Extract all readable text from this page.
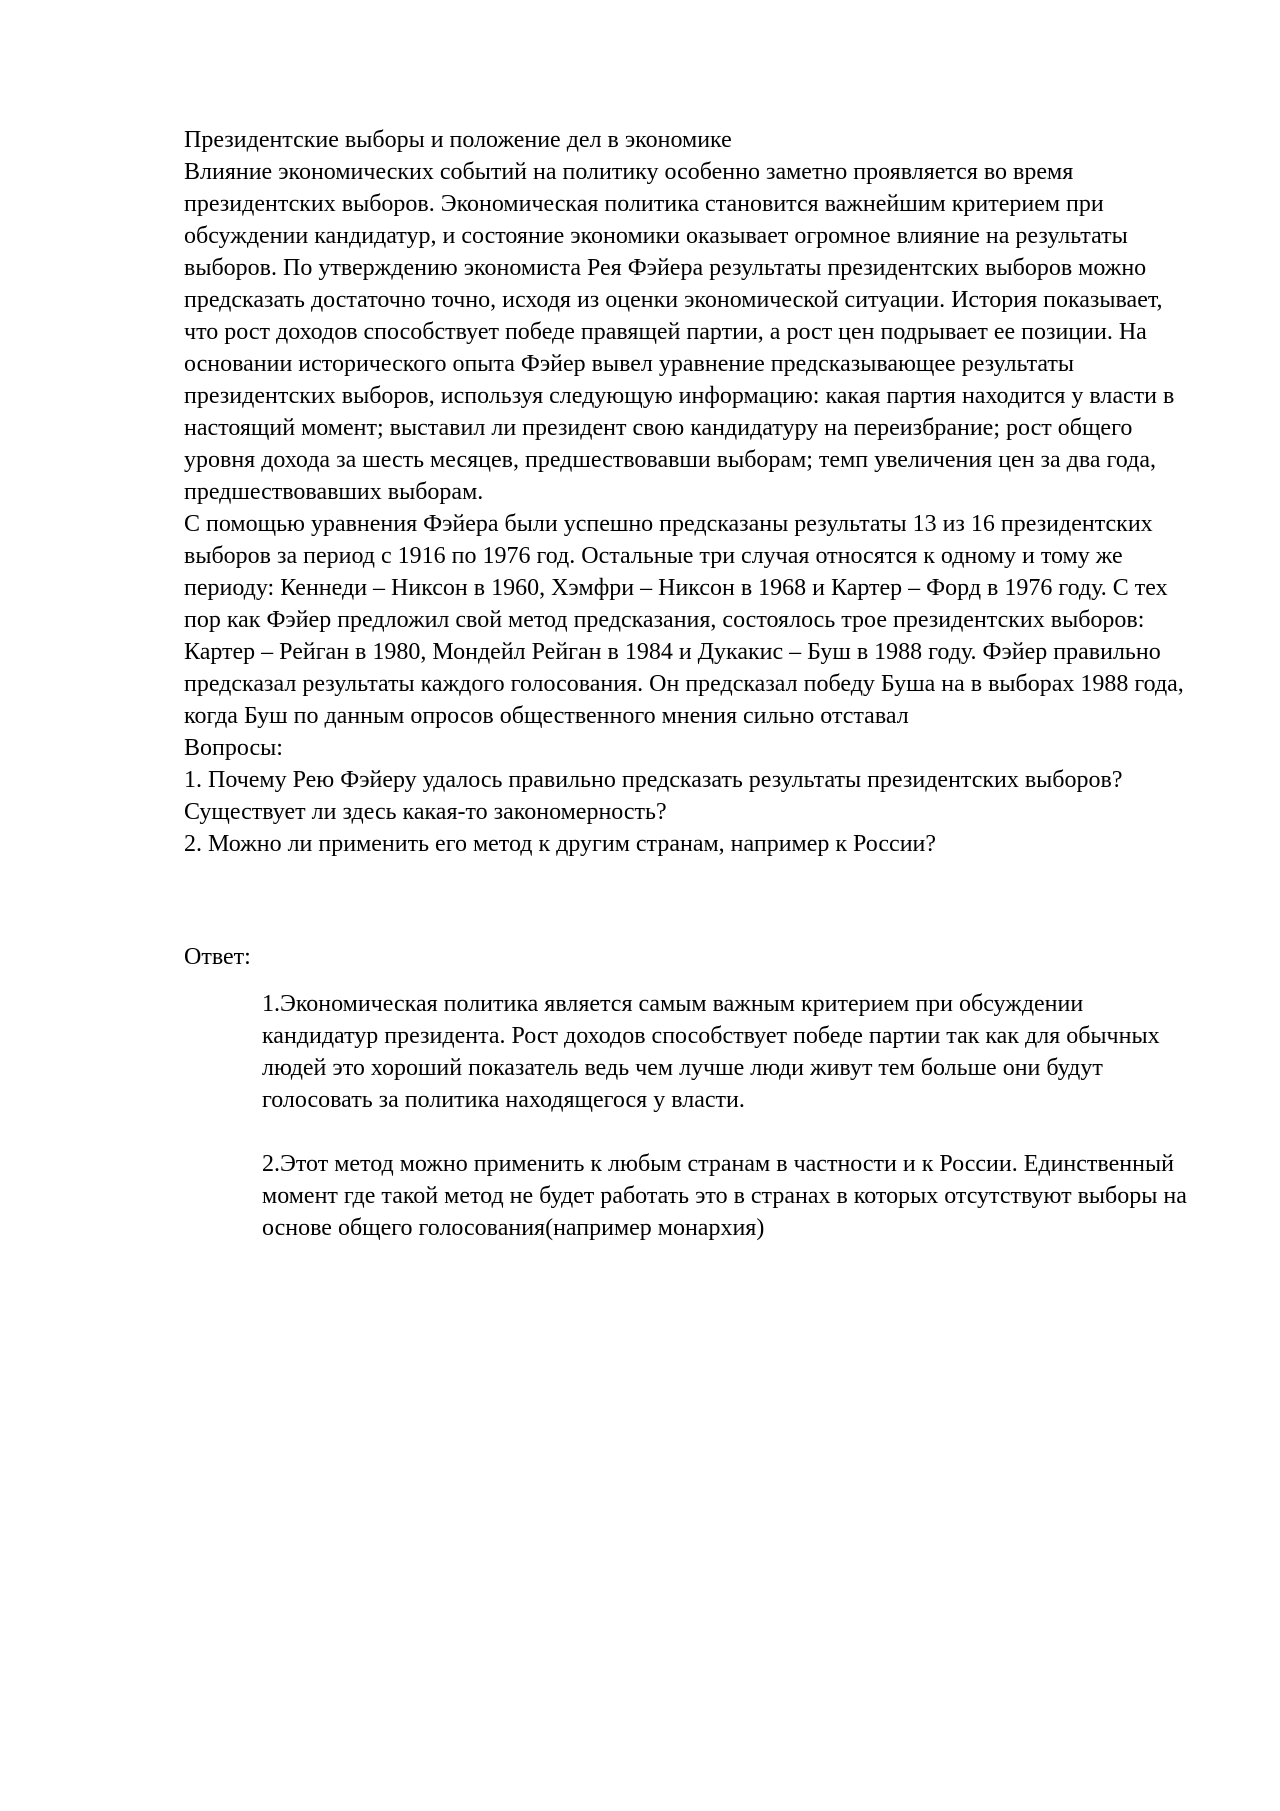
Президентские выборы и положение дел в экономике

Влияние экономических событий на политику особенно заметно проявляется во время президентских выборов. Экономическая политика становится важнейшим критерием при обсуждении кандидатур, и состояние экономики оказывает огромное влияние на результаты выборов. По утверждению экономиста Рея Фэйера результаты президентских выборов можно предсказать достаточно точно, исходя из оценки экономической ситуации. История показывает, что рост доходов способствует победе правящей партии, а рост цен подрывает ее позиции. На основании исторического опыта Фэйер вывел уравнение предсказывающее результаты президентских выборов, используя следующую информацию: какая партия находится у власти в настоящий момент; выставил ли президент свою кандидатуру на переизбрание; рост общего уровня дохода за шесть месяцев, предшествовавши выборам; темп увеличения цен за два года, предшествовавших выборам.

С помощью уравнения Фэйера были успешно предсказаны результаты 13 из 16 президентских выборов за период с 1916 по 1976 год. Остальные три случая относятся к одному и тому же периоду: Кеннеди – Никсон в 1960, Хэмфри – Никсон в 1968 и Картер – Форд в 1976 году. С тех пор как Фэйер предложил свой метод предсказания, состоялось трое президентских выборов: Картер – Рейган в 1980, Мондейл Рейган в 1984 и Дукакис – Буш в 1988 году. Фэйер правильно предсказал результаты каждого голосования. Он предсказал победу Буша на в выборах 1988 года, когда Буш по данным опросов общественного мнения сильно отставал

Вопросы:

1. Почему Рею Фэйеру удалось правильно предсказать результаты президентских выборов? Существует ли здесь какая-то закономерность?

2. Можно ли применить его метод к другим странам, например к России?

Ответ:

1.Экономическая политика является самым важным критерием при обсуждении кандидатур президента. Рост доходов способствует победе партии так как для обычных людей это хороший показатель ведь чем лучше люди живут тем больше они будут голосовать за политика находящегося у власти.

2.Этот метод можно применить к любым странам в частности и к России. Единственный момент где такой метод не будет работать это в странах в которых отсутствуют выборы на основе общего голосования(например монархия)
